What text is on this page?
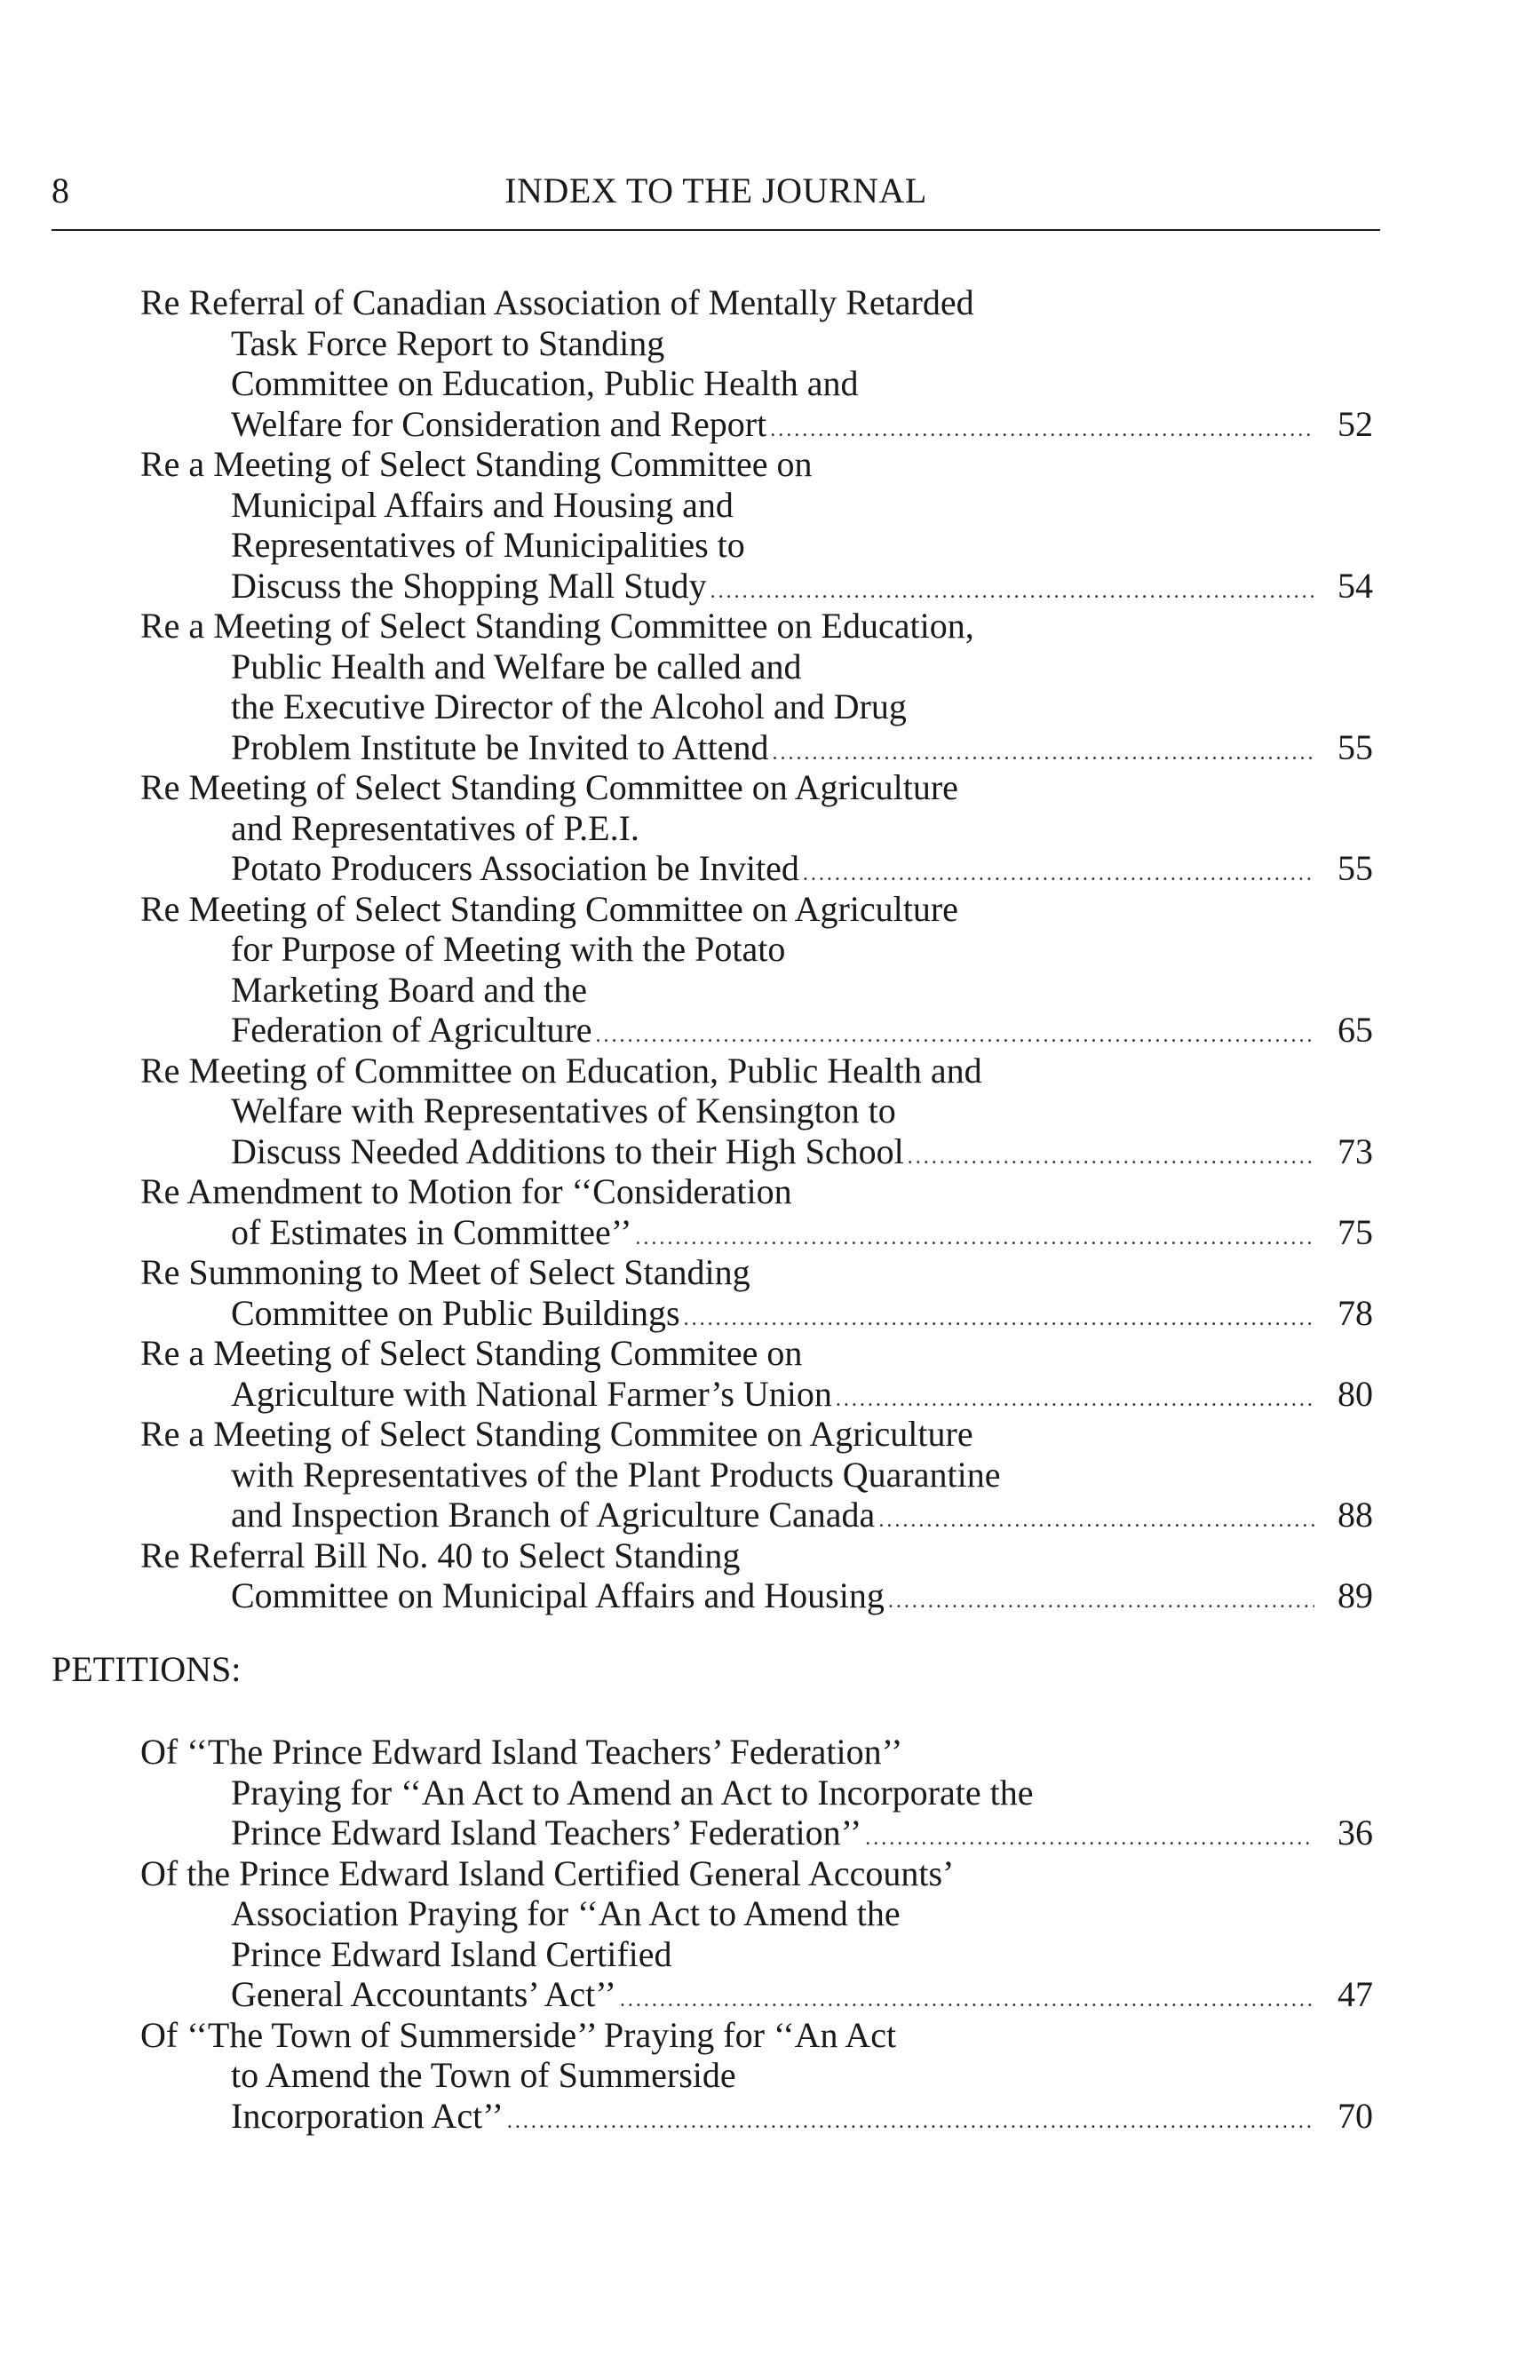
8	INDEX TO THE JOURNAL
Re Referral of Canadian Association of Mentally Retarded
Task Force Report to Standing
Committee on Education, Public Health and
Welfare for Consideration and Report .....	52
Re a Meeting of Select Standing Committee on
Municipal Affairs and Housing and
Representatives of Municipalities to
Discuss the Shopping Mall Study .....	54
Re a Meeting of Select Standing Committee on Education,
Public Health and Welfare be called and
the Executive Director of the Alcohol and Drug
Problem Institute be Invited to Attend .....	55
Re Meeting of Select Standing Committee on Agriculture
and Representatives of P.E.I.
Potato Producers Association be Invited .....	55
Re Meeting of Select Standing Committee on Agriculture
for Purpose of Meeting with the Potato
Marketing Board and the
Federation of Agriculture .....	65
Re Meeting of Committee on Education, Public Health and
Welfare with Representatives of Kensington to
Discuss Needed Additions to their High School .....	73
Re Amendment to Motion for ‘‘Consideration
of Estimates in Committee’’ .....	75
Re Summoning to Meet of Select Standing
Committee on Public Buildings .....	78
Re a Meeting of Select Standing Commitee on
Agriculture with National Farmer’s Union .....	80
Re a Meeting of Select Standing Commitee on Agriculture
with Representatives of the Plant Products Quarantine
and Inspection Branch of Agriculture Canada .....	88
Re Referral Bill No. 40 to Select Standing
Committee on Municipal Affairs and Housing .....	89
PETITIONS:
Of ‘‘The Prince Edward Island Teachers’ Federation’’
Praying for ‘‘An Act to Amend an Act to Incorporate the
Prince Edward Island Teachers’ Federation’’ .....	36
Of the Prince Edward Island Certified General Accounts’
Association Praying for ‘‘An Act to Amend the
Prince Edward Island Certified
General Accountants’ Act’’ .....	47
Of ‘‘The Town of Summerside’’ Praying for ‘‘An Act
to Amend the Town of Summerside
Incorporation Act’’ .....	70
